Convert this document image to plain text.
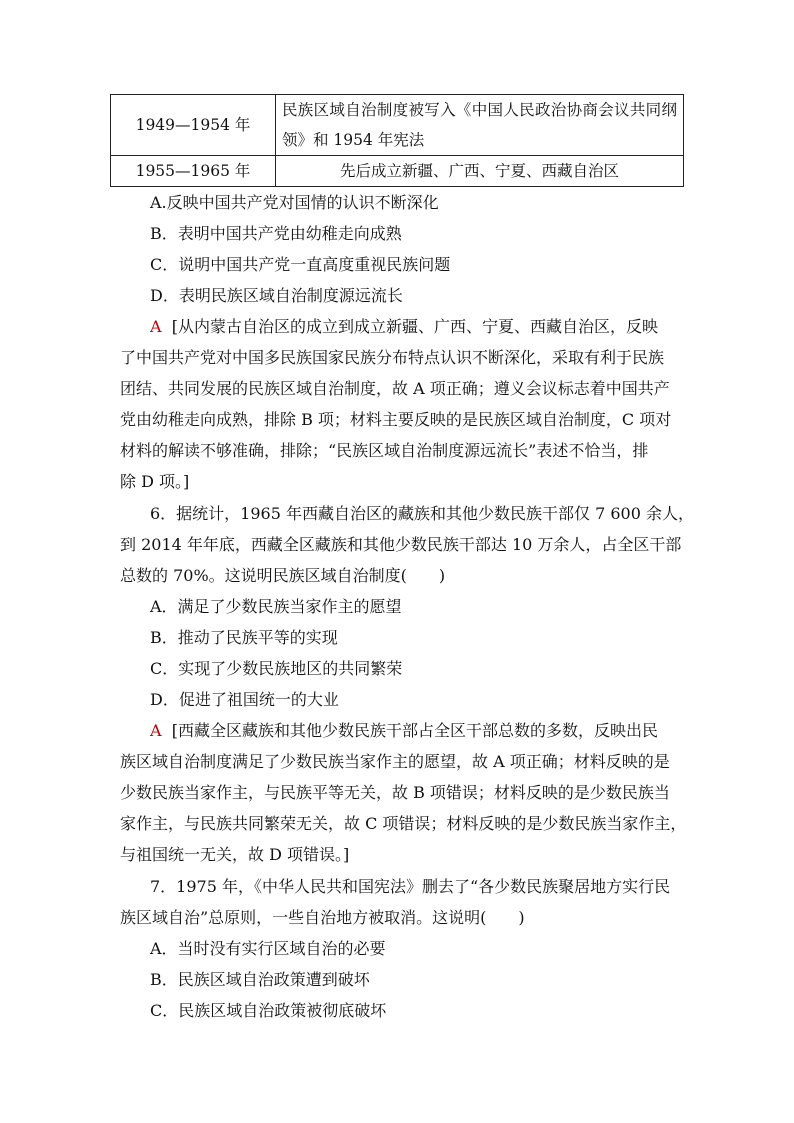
1949—1954 年	民族区域自治制度被写入《中国人民政治协商会议共同纲领》和 1954 年宪法
1955—1965 年	先后成立新疆、广西、宁夏、西藏自治区
A.反映中国共产党对国情的认识不断深化
B．表明中国共产党由幼稚走向成熟
C．说明中国共产党一直高度重视民族问题
D．表明民族区域自治制度源远流长
A [从内蒙古自治区的成立到成立新疆、广西、宁夏、西藏自治区，反映
了中国共产党对中国多民族国家民族分布特点认识不断深化，采取有利于民族
团结、共同发展的民族区域自治制度，故 A 项正确；遵义会议标志着中国共产
党由幼稚走向成熟，排除 B 项；材料主要反映的是民族区域自治制度，C 项对
材料的解读不够准确，排除；“民族区域自治制度源远流长”表述不恰当，排
除 D 项。]
6．据统计，1965 年西藏自治区的藏族和其他少数民族干部仅 7 600 余人，
到 2014 年年底，西藏全区藏族和其他少数民族干部达 10 万余人，占全区干部
总数的 70%。这说明民族区域自治制度(　　)
A．满足了少数民族当家作主的愿望
B．推动了民族平等的实现
C．实现了少数民族地区的共同繁荣
D．促进了祖国统一的大业
A [西藏全区藏族和其他少数民族干部占全区干部总数的多数，反映出民
族区域自治制度满足了少数民族当家作主的愿望，故 A 项正确；材料反映的是
少数民族当家作主，与民族平等无关，故 B 项错误；材料反映的是少数民族当
家作主，与民族共同繁荣无关，故 C 项错误；材料反映的是少数民族当家作主，
与祖国统一无关，故 D 项错误。]
7．1975 年，《中华人民共和国宪法》删去了“各少数民族聚居地方实行民
族区域自治”总原则，一些自治地方被取消。这说明(　　)
A．当时没有实行区域自治的必要
B．民族区域自治政策遭到破坏
C．民族区域自治政策被彻底破坏
